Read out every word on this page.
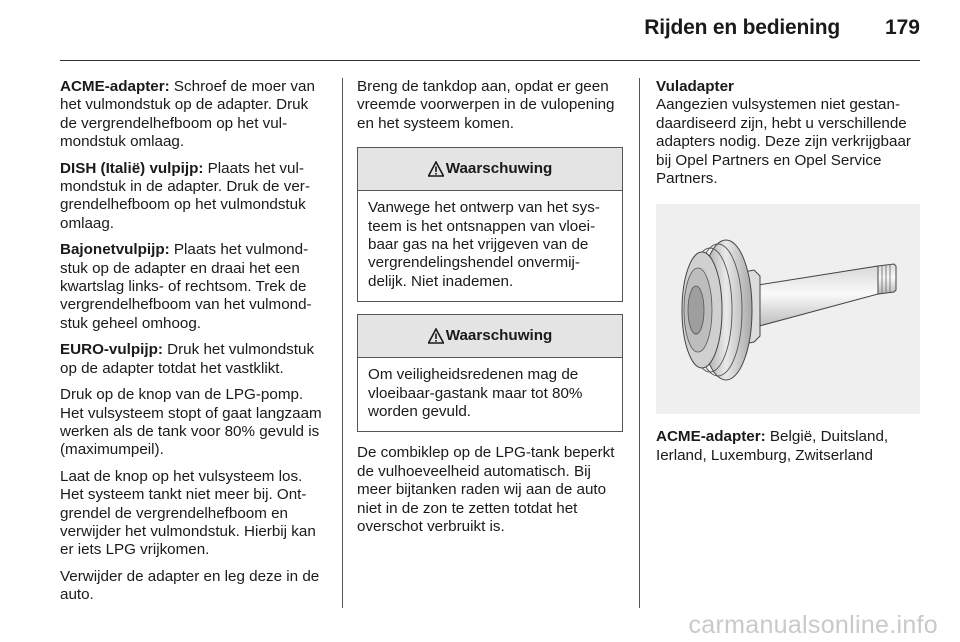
Rijden en bediening 179

ACME-adapter: Schroef de moer van het vulmondstuk op de adapter. Druk de vergrendelhefboom op het vulmondstuk omlaag.

DISH (Italië) vulpijp: Plaats het vulmondstuk in de adapter. Druk de vergrendelhefboom op het vulmondstuk omlaag.

Bajonetvulpijp: Plaats het vulmondstuk op de adapter en draai het een kwartslag links- of rechtsom. Trek de vergrendelhefboom van het vulmondstuk geheel omhoog.

EURO-vulpijp: Druk het vulmondstuk op de adapter totdat het vastklikt.

Druk op de knop van de LPG-pomp. Het vulsysteem stopt of gaat langzaam werken als de tank voor 80% gevuld is (maximumpeil).

Laat de knop op het vulsysteem los. Het systeem tankt niet meer bij. Ontgrendel de vergrendelhefboom en verwijder het vulmondstuk. Hierbij kan er iets LPG vrijkomen.

Verwijder de adapter en leg deze in de auto.

Breng de tankdop aan, opdat er geen vreemde voorwerpen in de vulopening en het systeem komen.

Waarschuwing
Vanwege het ontwerp van het systeem is het ontsnappen van vloeibaar gas na het vrijgeven van de vergrendelingshendel onvermijdelijk. Niet inademen.
Waarschuwing
Om veiligheidsredenen mag de vloeibaar-gastank maar tot 80% worden gevuld.

De combiklep op de LPG-tank beperkt de vulhoeveelheid automatisch. Bij meer bijtanken raden wij aan de auto niet in de zon te zetten totdat het overschot verbruikt is.

Vuladapter

Aangezien vulsystemen niet gestandaardiseerd zijn, hebt u verschillende adapters nodig. Deze zijn verkrijgbaar bij Opel Partners en Opel Service Partners.

ACME-adapter: België, Duitsland, Ierland, Luxemburg, Zwitserland

carmanualsonline.info
